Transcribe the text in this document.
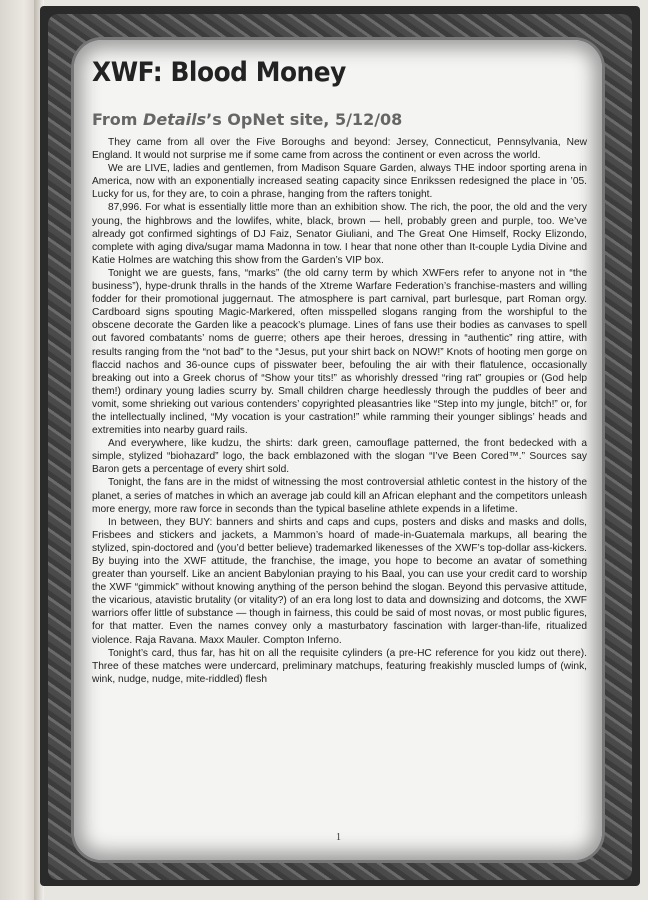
XWF: Blood Money
From Details’s OpNet site, 5/12/08

They came from all over the Five Boroughs and beyond: Jersey, Connecticut, Pennsylvania, New England. It would not surprise me if some came from across the continent or even across the world.

We are LIVE, ladies and gentlemen, from Madison Square Garden, always THE indoor sporting arena in America, now with an exponentially increased seating capacity since Enrikssen redesigned the place in ’05. Lucky for us, for they are, to coin a phrase, hanging from the rafters tonight.

87,996. For what is essentially little more than an exhibition show. The rich, the poor, the old and the very young, the highbrows and the lowlifes, white, black, brown — hell, probably green and purple, too. We’ve already got confirmed sightings of DJ Faiz, Senator Giuliani, and The Great One Himself, Rocky Elizondo, complete with aging diva/sugar mama Madonna in tow. I hear that none other than It-couple Lydia Divine and Katie Holmes are watching this show from the Garden’s VIP box.

Tonight we are guests, fans, “marks” (the old carny term by which XWFers refer to anyone not in “the business”), hype-drunk thralls in the hands of the Xtreme Warfare Federation’s franchise-masters and willing fodder for their promotional juggernaut. The atmosphere is part carnival, part burlesque, part Roman orgy. Cardboard signs spouting Magic-Markered, often misspelled slogans ranging from the worshipful to the obscene decorate the Garden like a peacock’s plumage. Lines of fans use their bodies as canvases to spell out favored combatants’ noms de guerre; others ape their heroes, dressing in “authentic” ring attire, with results ranging from the “not bad” to the “Jesus, put your shirt back on NOW!” Knots of hooting men gorge on flaccid nachos and 36-ounce cups of pisswater beer, befouling the air with their flatulence, occasionally breaking out into a Greek chorus of “Show your tits!” as whorishly dressed “ring rat” groupies or (God help them!) ordinary young ladies scurry by. Small children charge heedlessly through the puddles of beer and vomit, some shrieking out various contenders’ copyrighted pleasantries like “Step into my jungle, bitch!” or, for the intellectually inclined, “My vocation is your castration!” while ramming their younger siblings’ heads and extremities into nearby guard rails.

And everywhere, like kudzu, the shirts: dark green, camouflage patterned, the front bedecked with a simple, stylized “biohazard” logo, the back emblazoned with the slogan “I’ve Been Cored™.” Sources say Baron gets a percentage of every shirt sold.

Tonight, the fans are in the midst of witnessing the most controversial athletic contest in the history of the planet, a series of matches in which an average jab could kill an African elephant and the competitors unleash more energy, more raw force in seconds than the typical baseline athlete expends in a lifetime.

In between, they BUY: banners and shirts and caps and cups, posters and disks and masks and dolls, Frisbees and stickers and jackets, a Mammon’s hoard of made-in-Guatemala markups, all bearing the stylized, spin-doctored and (you’d better believe) trademarked likenesses of the XWF’s top-dollar ass-kickers. By buying into the XWF attitude, the franchise, the image, you hope to become an avatar of something greater than yourself. Like an ancient Babylonian praying to his Baal, you can use your credit card to worship the XWF “gimmick” without knowing anything of the person behind the slogan. Beyond this pervasive attitude, the vicarious, atavistic brutality (or vitality?) of an era long lost to data and downsizing and dotcoms, the XWF warriors offer little of substance — though in fairness, this could be said of most novas, or most public figures, for that matter. Even the names convey only a masturbatory fascination with larger-than-life, ritualized violence. Raja Ravana. Maxx Mauler. Compton Inferno.

Tonight’s card, thus far, has hit on all the requisite cylinders (a pre-HC reference for you kidz out there). Three of these matches were undercard, preliminary matchups, featuring freakishly muscled lumps of (wink, wink, nudge, nudge, mite-riddled) flesh

1
